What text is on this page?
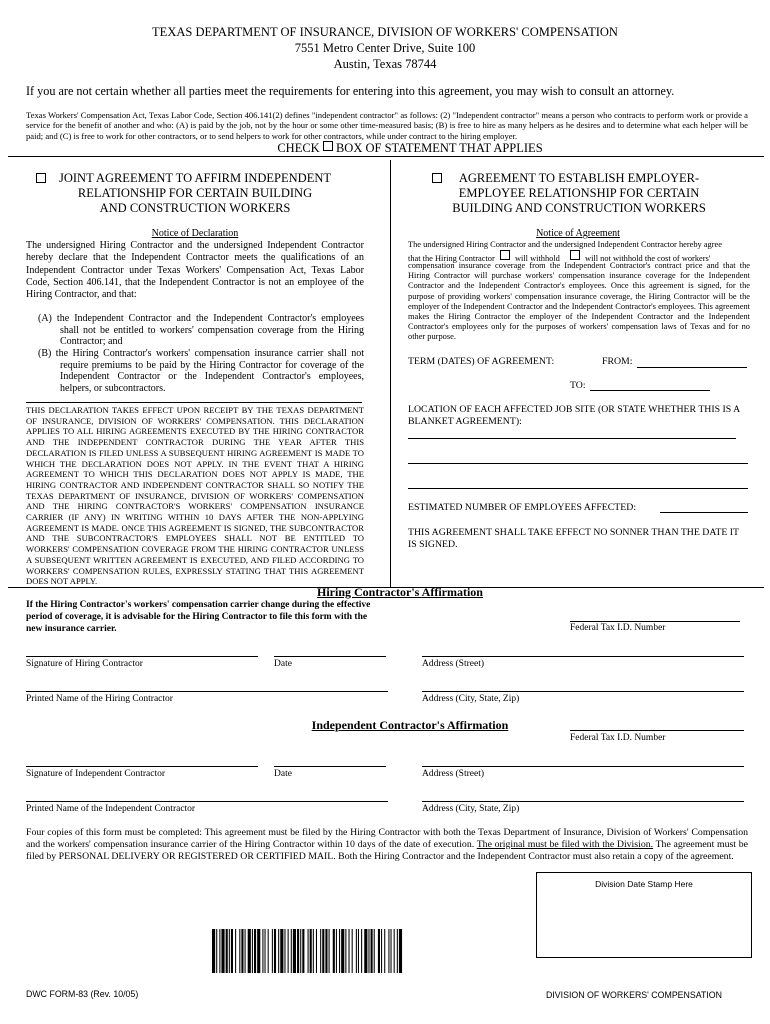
TEXAS DEPARTMENT OF INSURANCE, DIVISION OF WORKERS' COMPENSATION
7551 Metro Center Drive, Suite 100
Austin, Texas 78744
If you are not certain whether all parties meet the requirements for entering into this agreement, you may wish to consult an attorney.
Texas Workers' Compensation Act, Texas Labor Code, Section 406.141(2) defines "independent contractor" as follows: (2) "Independent contractor" means a person who contracts to perform work or provide a service for the benefit of another and who: (A) is paid by the job, not by the hour or some other time-measured basis; (B) is free to hire as many helpers as he desires and to determine what each helper will be paid; and (C) is free to work for other contractors, or to send helpers to work for other contractors, while under contract to the hiring employer.
CHECK BOX OF STATEMENT THAT APPLIES
JOINT AGREEMENT TO AFFIRM INDEPENDENT
RELATIONSHIP FOR CERTAIN BUILDING
AND CONSTRUCTION WORKERS
Notice of Declaration
The undersigned Hiring Contractor and the undersigned Independent Contractor hereby declare that the Independent Contractor meets the qualifications of an Independent Contractor under Texas Workers' Compensation Act, Texas Labor Code, Section 406.141, that the Independent Contractor is not an employee of the Hiring Contractor, and that:
(A) the Independent Contractor and the Independent Contractor's employees shall not be entitled to workers' compensation coverage from the Hiring Contractor; and
(B) the Hiring Contractor's workers' compensation insurance carrier shall not require premiums to be paid by the Hiring Contractor for coverage of the Independent Contractor or the Independent Contractor's employees, helpers, or subcontractors.
THIS DECLARATION TAKES EFFECT UPON RECEIPT BY THE TEXAS DEPARTMENT OF INSURANCE, DIVISION OF WORKERS' COMPENSATION. THIS DECLARATION APPLIES TO ALL HIRING AGREEMENTS EXECUTED BY THE HIRING CONTRACTOR AND THE INDEPENDENT CONTRACTOR DURING THE YEAR AFTER THIS DECLARATION IS FILED UNLESS A SUBSEQUENT HIRING AGREEMENT IS MADE TO WHICH THE DECLARATION DOES NOT APPLY. IN THE EVENT THAT A HIRING AGREEMENT TO WHICH THIS DECLARATION DOES NOT APPLY IS MADE, THE HIRING CONTRACTOR AND INDEPENDENT CONTRACTOR SHALL SO NOTIFY THE TEXAS DEPARTMENT OF INSURANCE, DIVISION OF WORKERS' COMPENSATION AND THE HIRING CONTRACTOR'S WORKERS' COMPENSATION INSURANCE CARRIER (IF ANY) IN WRITING WITHIN 10 DAYS AFTER THE NON-APPLYING AGREEMENT IS MADE. ONCE THIS AGREEMENT IS SIGNED, THE SUBCONTRACTOR AND THE SUBCONTRACTOR'S EMPLOYEES SHALL NOT BE ENTITLED TO WORKERS' COMPENSATION COVERAGE FROM THE HIRING CONTRACTOR UNLESS A SUBSEQUENT WRITTEN AGREEMENT IS EXECUTED, AND FILED ACCORDING TO WORKERS' COMPENSATION RULES, EXPRESSLY STATING THAT THIS AGREEMENT DOES NOT APPLY.
AGREEMENT TO ESTABLISH EMPLOYER-
EMPLOYEE RELATIONSHIP FOR CERTAIN
BUILDING AND CONSTRUCTION WORKERS
Notice of Agreement
The undersigned Hiring Contractor and the undersigned Independent Contractor hereby agree
that the Hiring Contractor will withhold	will not withhold the cost of workers'
compensation insurance coverage from the Independent Contractor's contract price and that the Hiring Contractor will purchase workers' compensation insurance coverage for the Independent Contractor and the Independent Contractor's employees. Once this agreement is signed, for the purpose of providing workers' compensation insurance coverage, the Hiring Contractor will be the employer of the Independent Contractor and the Independent Contractor's employees. This agreement makes the Hiring Contractor the employer of the Independent Contractor and the Independent Contractor's employees only for the purposes of workers' compensation laws of Texas and for no other purpose.
TERM (DATES) OF AGREEMENT:	FROM:
TO:
LOCATION OF EACH AFFECTED JOB SITE (OR STATE WHETHER THIS IS A BLANKET AGREEMENT):
ESTIMATED NUMBER OF EMPLOYEES AFFECTED:
THIS AGREEMENT SHALL TAKE EFFECT NO SONNER THAN THE DATE IT IS SIGNED.
Hiring Contractor's Affirmation
If the Hiring Contractor's workers' compensation carrier change during the effective period of coverage, it is advisable for the Hiring Contractor to file this form with the new insurance carrier.	Federal Tax I.D. Number
Signature of Hiring Contractor	Date	Address (Street)
Printed Name of the Hiring Contractor	Address (City, State, Zip)
Independent Contractor's Affirmation
Federal Tax I.D. Number
Signature of Independent Contractor	Date	Address (Street)
Printed Name of the Independent Contractor	Address (City, State, Zip)
Four copies of this form must be completed: This agreement must be filed by the Hiring Contractor with both the Texas Department of Insurance, Division of Workers' Compensation and the workers' compensation insurance carrier of the Hiring Contractor within 10 days of the date of execution. The original must be filed with the Division. The agreement must be filed by PERSONAL DELIVERY OR REGISTERED OR CERTIFIED MAIL. Both the Hiring Contractor and the Independent Contractor must also retain a copy of the agreement.
Division Date Stamp Here
DWC FORM-83 (Rev. 10/05)	DIVISION OF WORKERS' COMPENSATION
